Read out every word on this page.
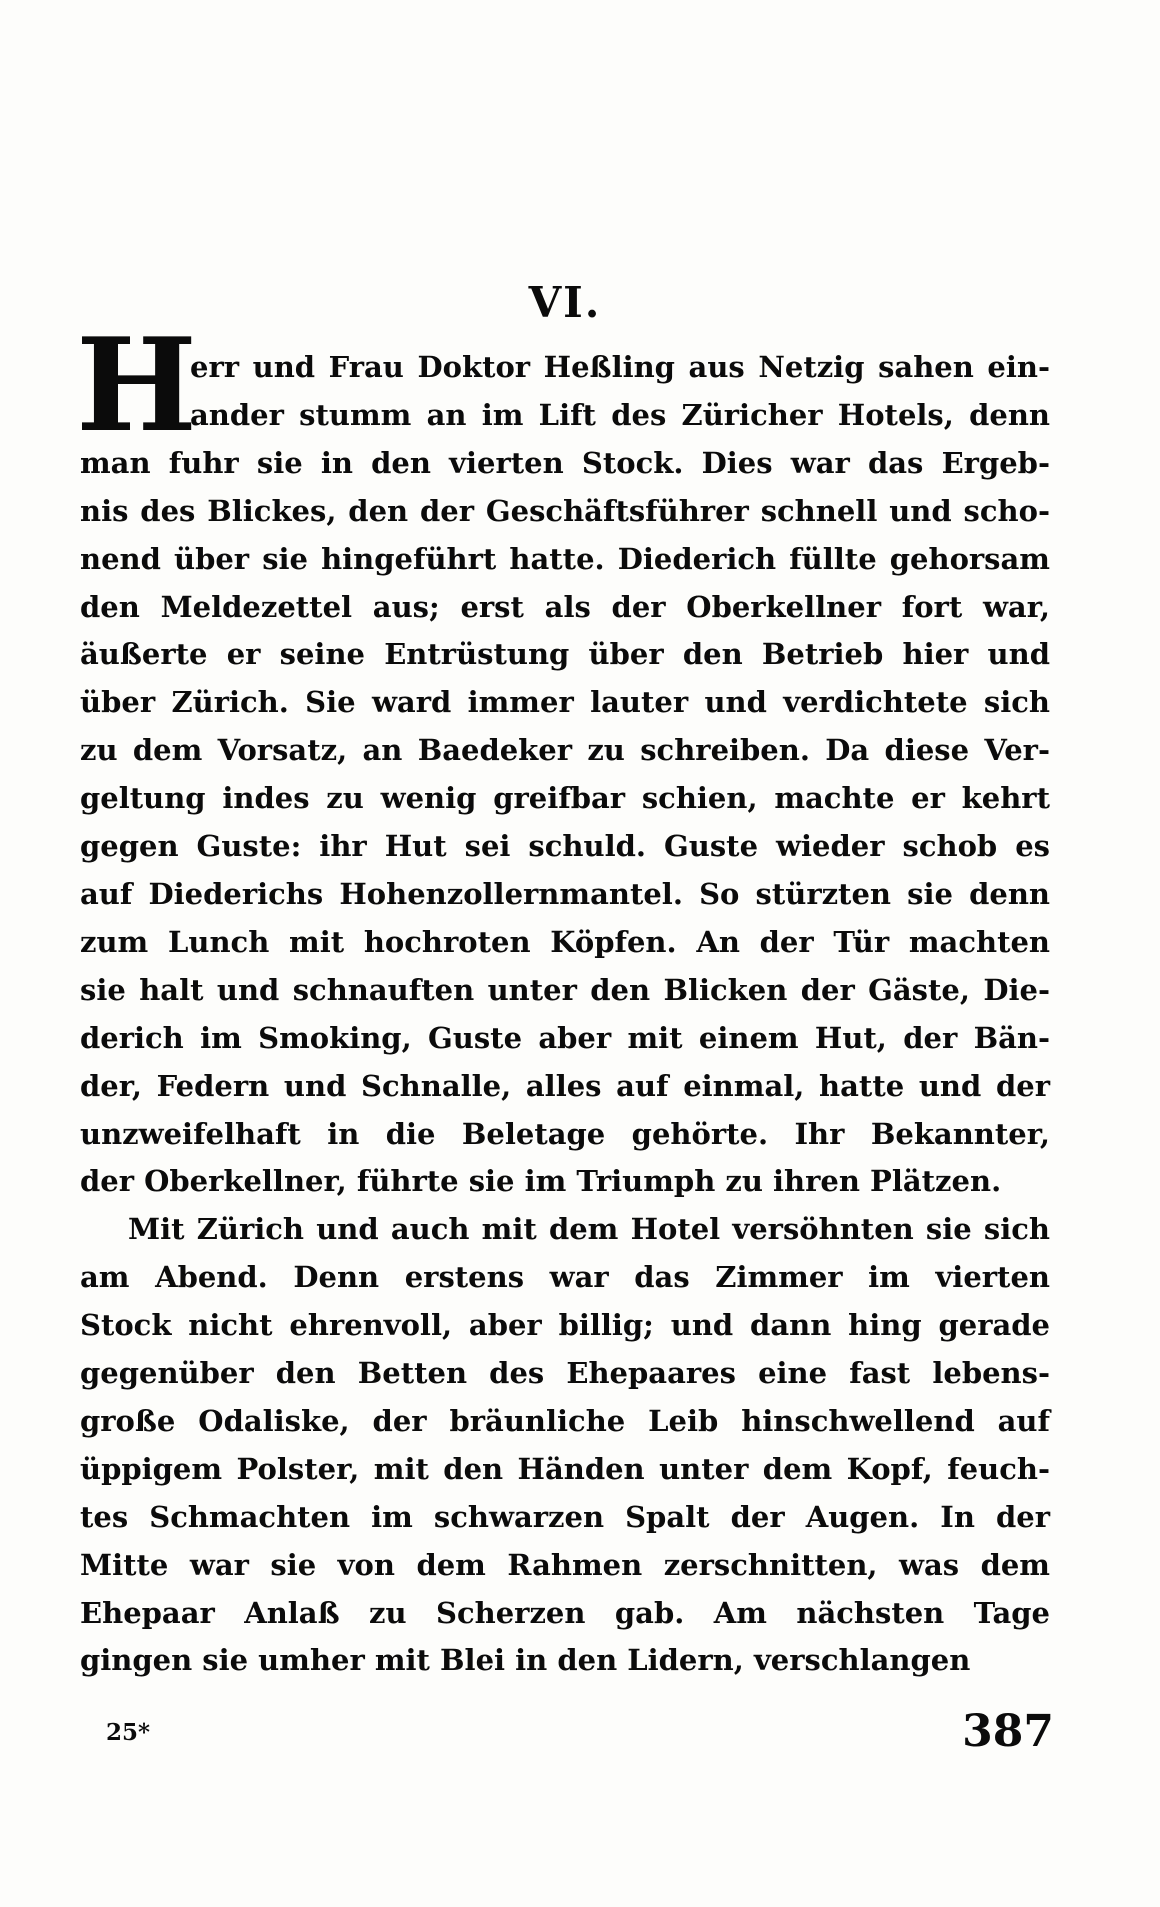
VI.
H
err und Frau Doktor Heßling aus Netzig sahen ein-
ander stumm an im Lift des Züricher Hotels, denn
man fuhr sie in den vierten Stock. Dies war das Ergeb-
nis des Blickes, den der Geschäftsführer schnell und scho-
nend über sie hingeführt hatte. Diederich füllte gehorsam
den Meldezettel aus; erst als der Oberkellner fort war,
äußerte er seine Entrüstung über den Betrieb hier und
über Zürich. Sie ward immer lauter und verdichtete sich
zu dem Vorsatz, an Baedeker zu schreiben. Da diese Ver-
geltung indes zu wenig greifbar schien, machte er kehrt
gegen Guste: ihr Hut sei schuld. Guste wieder schob es
auf Diederichs Hohenzollernmantel. So stürzten sie denn
zum Lunch mit hochroten Köpfen. An der Tür machten
sie halt und schnauften unter den Blicken der Gäste, Die-
derich im Smoking, Guste aber mit einem Hut, der Bän-
der, Federn und Schnalle, alles auf einmal, hatte und der
unzweifelhaft in die Beletage gehörte. Ihr Bekannter,
der Oberkellner, führte sie im Triumph zu ihren Plätzen.
Mit Zürich und auch mit dem Hotel versöhnten sie sich
am Abend. Denn erstens war das Zimmer im vierten
Stock nicht ehrenvoll, aber billig; und dann hing gerade
gegenüber den Betten des Ehepaares eine fast lebens-
große Odaliske, der bräunliche Leib hinschwellend auf
üppigem Polster, mit den Händen unter dem Kopf, feuch-
tes Schmachten im schwarzen Spalt der Augen. In der
Mitte war sie von dem Rahmen zerschnitten, was dem
Ehepaar Anlaß zu Scherzen gab. Am nächsten Tage
gingen sie umher mit Blei in den Lidern, verschlangen
25*	387
